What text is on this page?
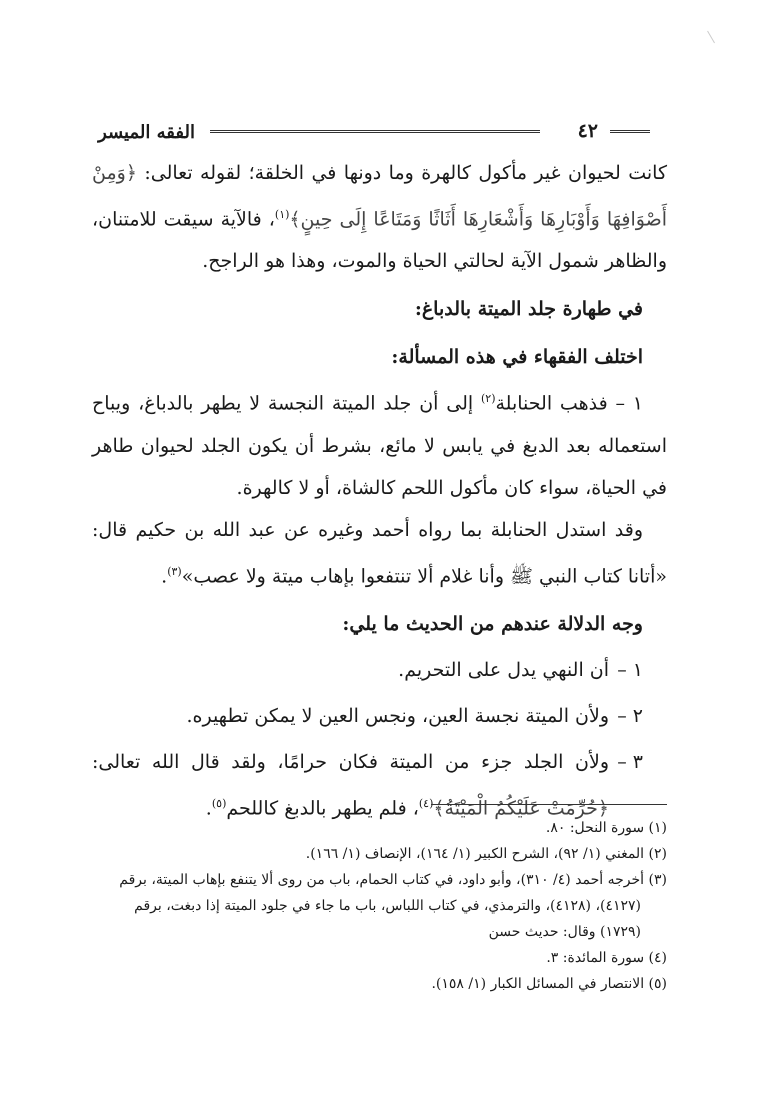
٤٢
الفقه الميسر

كانت لحيوان غير مأكول كالهرة وما دونها في الخلقة؛ لقوله تعالى: ﴿وَمِنْ أَصْوَافِهَا وَأَوْبَارِهَا وَأَشْعَارِهَا أَثَاثًا وَمَتَاعًا إِلَى حِينٍ﴾$^{(١)}$، فالآية سيقت للامتنان، والظاهر شمول الآية لحالتي الحياة والموت، وهذا هو الراجح.

في طهارة جلد الميتة بالدباغ:

اختلف الفقهاء في هذه المسألة:

١ – فذهب الحنابلة$^{(٢)}$ إلى أن جلد الميتة النجسة لا يطهر بالدباغ، ويباح استعماله بعد الدبغ في يابس لا مائع، بشرط أن يكون الجلد لحيوان طاهر في الحياة، سواء كان مأكول اللحم كالشاة، أو لا كالهرة.

وقد استدل الحنابلة بما رواه أحمد وغيره عن عبد الله بن حكيم قال: «أتانا كتاب النبي ﷺ وأنا غلام ألا تنتفعوا بإهاب ميتة ولا عصب»$^{(٣)}$.

وجه الدلالة عندهم من الحديث ما يلي:

١ –
أن النهي يدل على التحريم.

٢ –
ولأن الميتة نجسة العين، ونجس العين لا يمكن تطهيره.

٣ –
ولأن الجلد جزء من الميتة فكان حرامًا، ولقد قال الله تعالى: ﴿حُرِّمَتْ عَلَيْكُمُ الْمَيْتَةُ﴾$^{(٤)}$، فلم يطهر بالدبغ كاللحم$^{(٥)}$.

(١) سورة النحل: ٨٠.

(٢) المغني (١/ ٩٢)، الشرح الكبير (١/ ١٦٤)، الإنصاف (١/ ١٦٦).

(٣) أخرجه أحمد (٤/ ٣١٠)، وأبو داود، في كتاب الحمام، باب من روى ألا يتنفع بإهاب الميتة، برقم

(٤١٢٧)، (٤١٢٨)، والترمذي، في كتاب اللباس، باب ما جاء في جلود الميتة إذا دبغت، برقم

(١٧٢٩) وقال: حديث حسن

(٤) سورة المائدة: ٣.

(٥) الانتصار في المسائل الكبار (١/ ١٥٨).
